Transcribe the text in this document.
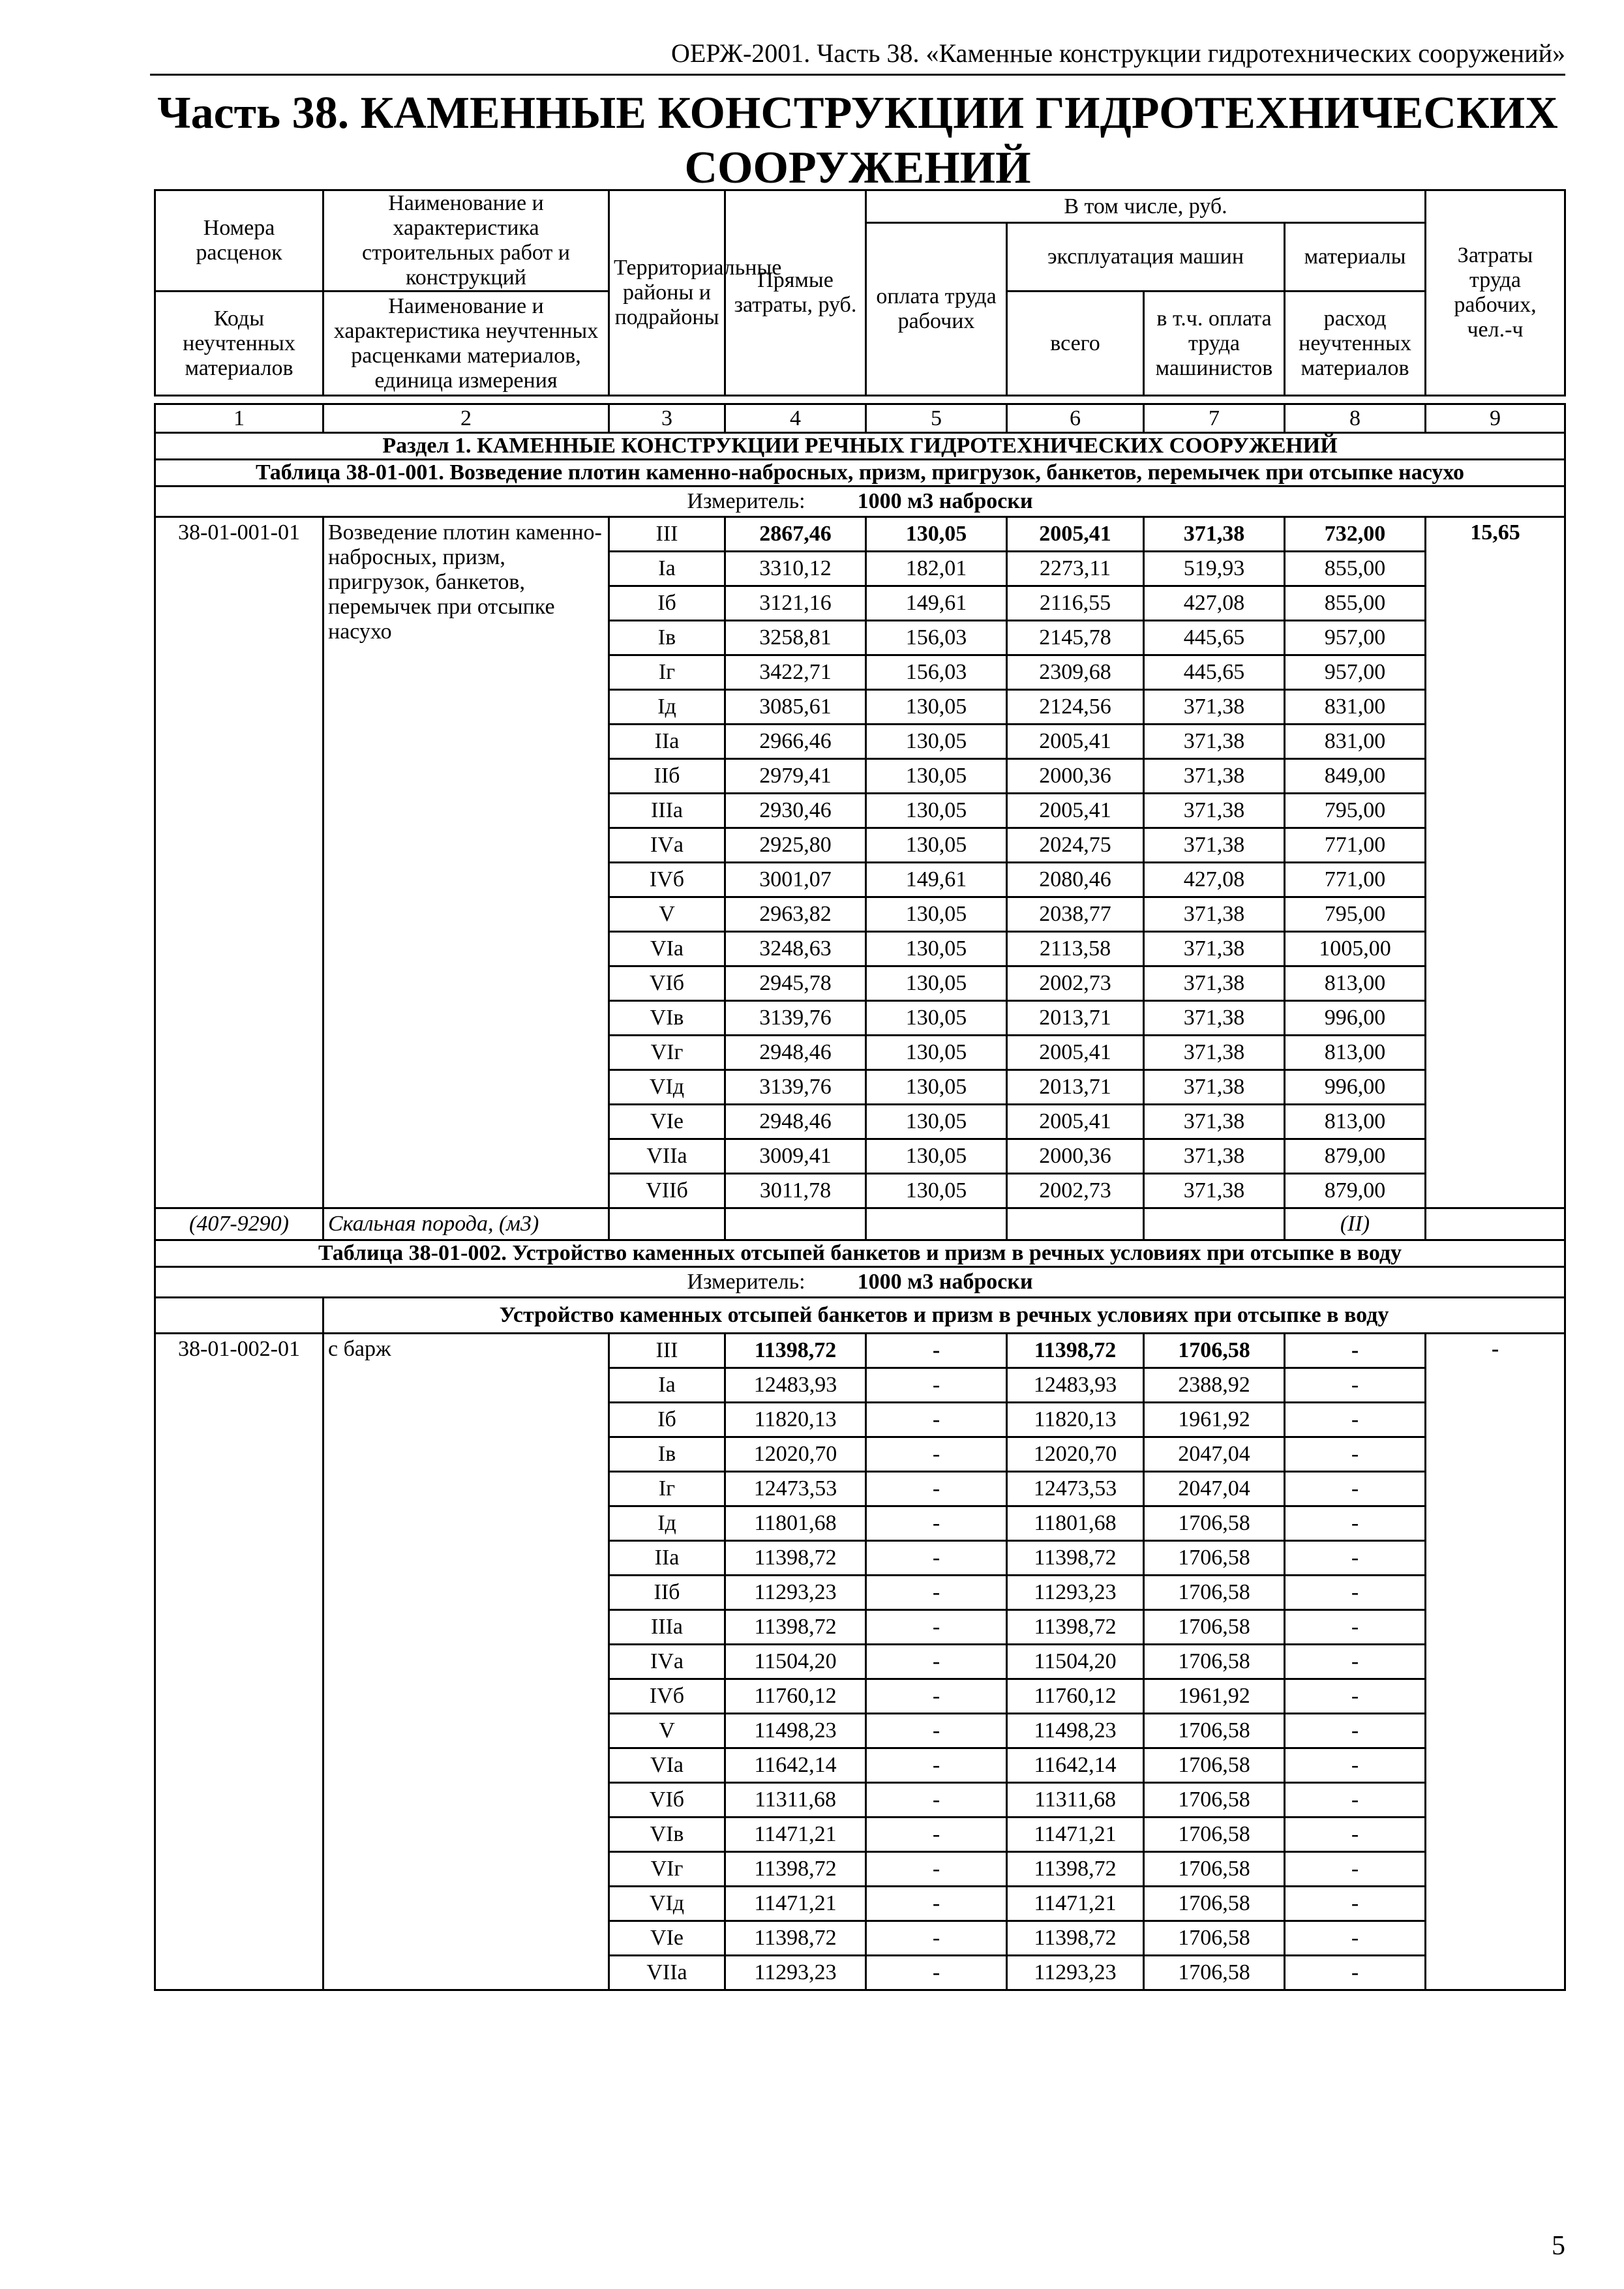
ОЕРЖ-2001. Часть 38. «Каменные конструкции гидротехнических сооружений»
Часть 38. КАМЕННЫЕ КОНСТРУКЦИИ ГИДРОТЕХНИЧЕСКИХ СООРУЖЕНИЙ
Номера расценок	Наименование и характеристика строительных работ и конструкций	Территориальные районы и подрайоны	Прямые затраты, руб.	В том числе, руб.				Затраты труда рабочих, чел.-ч
				оплата труда рабочих	эксплуатация машин		материалы	

Коды неучтенных материалов	Наименование и характеристика неучтенных расценками материалов, единица измерения				всего	в т.ч. оплата труда машинистов	расход неучтенных материалов	

1	2	3	4	5	6	7	8	9
Раздел 1. КАМЕННЫЕ КОНСТРУКЦИИ РЕЧНЫХ ГИДРОТЕХНИЧЕСКИХ СООРУЖЕНИЙ								
Таблица 38-01-001. Возведение плотин каменно-набросных, призм, пригрузок, банкетов, перемычек при отсыпке насухо								
Измеритель: 1000 м3 наброски								
38-01-001-01	Возведение плотин каменно-набросных, призм, пригрузок, банкетов, перемычек при отсыпке насухо	III	2867,46	130,05	2005,41	371,38	732,00	15,65
		Iа	3310,12	182,01	2273,11	519,93	855,00	
		Iб	3121,16	149,61	2116,55	427,08	855,00	
		Iв	3258,81	156,03	2145,78	445,65	957,00	
		Iг	3422,71	156,03	2309,68	445,65	957,00	
		Iд	3085,61	130,05	2124,56	371,38	831,00	
		IIа	2966,46	130,05	2005,41	371,38	831,00	
		IIб	2979,41	130,05	2000,36	371,38	849,00	
		IIIа	2930,46	130,05	2005,41	371,38	795,00	
		IVа	2925,80	130,05	2024,75	371,38	771,00	
		IVб	3001,07	149,61	2080,46	427,08	771,00	
		V	2963,82	130,05	2038,77	371,38	795,00	
		VIа	3248,63	130,05	2113,58	371,38	1005,00	
		VIб	2945,78	130,05	2002,73	371,38	813,00	
		VIв	3139,76	130,05	2013,71	371,38	996,00	
		VIг	2948,46	130,05	2005,41	371,38	813,00	
		VIд	3139,76	130,05	2013,71	371,38	996,00	
		VIе	2948,46	130,05	2005,41	371,38	813,00	
		VIIа	3009,41	130,05	2000,36	371,38	879,00	
		VIIб	3011,78	130,05	2002,73	371,38	879,00	
(407-9290)	Скальная порода, (м3)						(II)	
Таблица 38-01-002. Устройство каменных отсыпей банкетов и призм в речных условиях при отсыпке в воду								
Измеритель: 1000 м3 наброски								
	Устройство каменных отсыпей банкетов и призм в речных условиях при отсыпке в воду							
38-01-002-01	с барж	III	11398,72	-	11398,72	1706,58	-	-
		Iа	12483,93	-	12483,93	2388,92	-	
		Iб	11820,13	-	11820,13	1961,92	-	
		Iв	12020,70	-	12020,70	2047,04	-	
		Iг	12473,53	-	12473,53	2047,04	-	
		Iд	11801,68	-	11801,68	1706,58	-	
		IIа	11398,72	-	11398,72	1706,58	-	
		IIб	11293,23	-	11293,23	1706,58	-	
		IIIа	11398,72	-	11398,72	1706,58	-	
		IVа	11504,20	-	11504,20	1706,58	-	
		IVб	11760,12	-	11760,12	1961,92	-	
		V	11498,23	-	11498,23	1706,58	-	
		VIа	11642,14	-	11642,14	1706,58	-	
		VIб	11311,68	-	11311,68	1706,58	-	
		VIв	11471,21	-	11471,21	1706,58	-	
		VIг	11398,72	-	11398,72	1706,58	-	
		VIд	11471,21	-	11471,21	1706,58	-	
		VIе	11398,72	-	11398,72	1706,58	-	
		VIIа	11293,23	-	11293,23	1706,58	-	
5
